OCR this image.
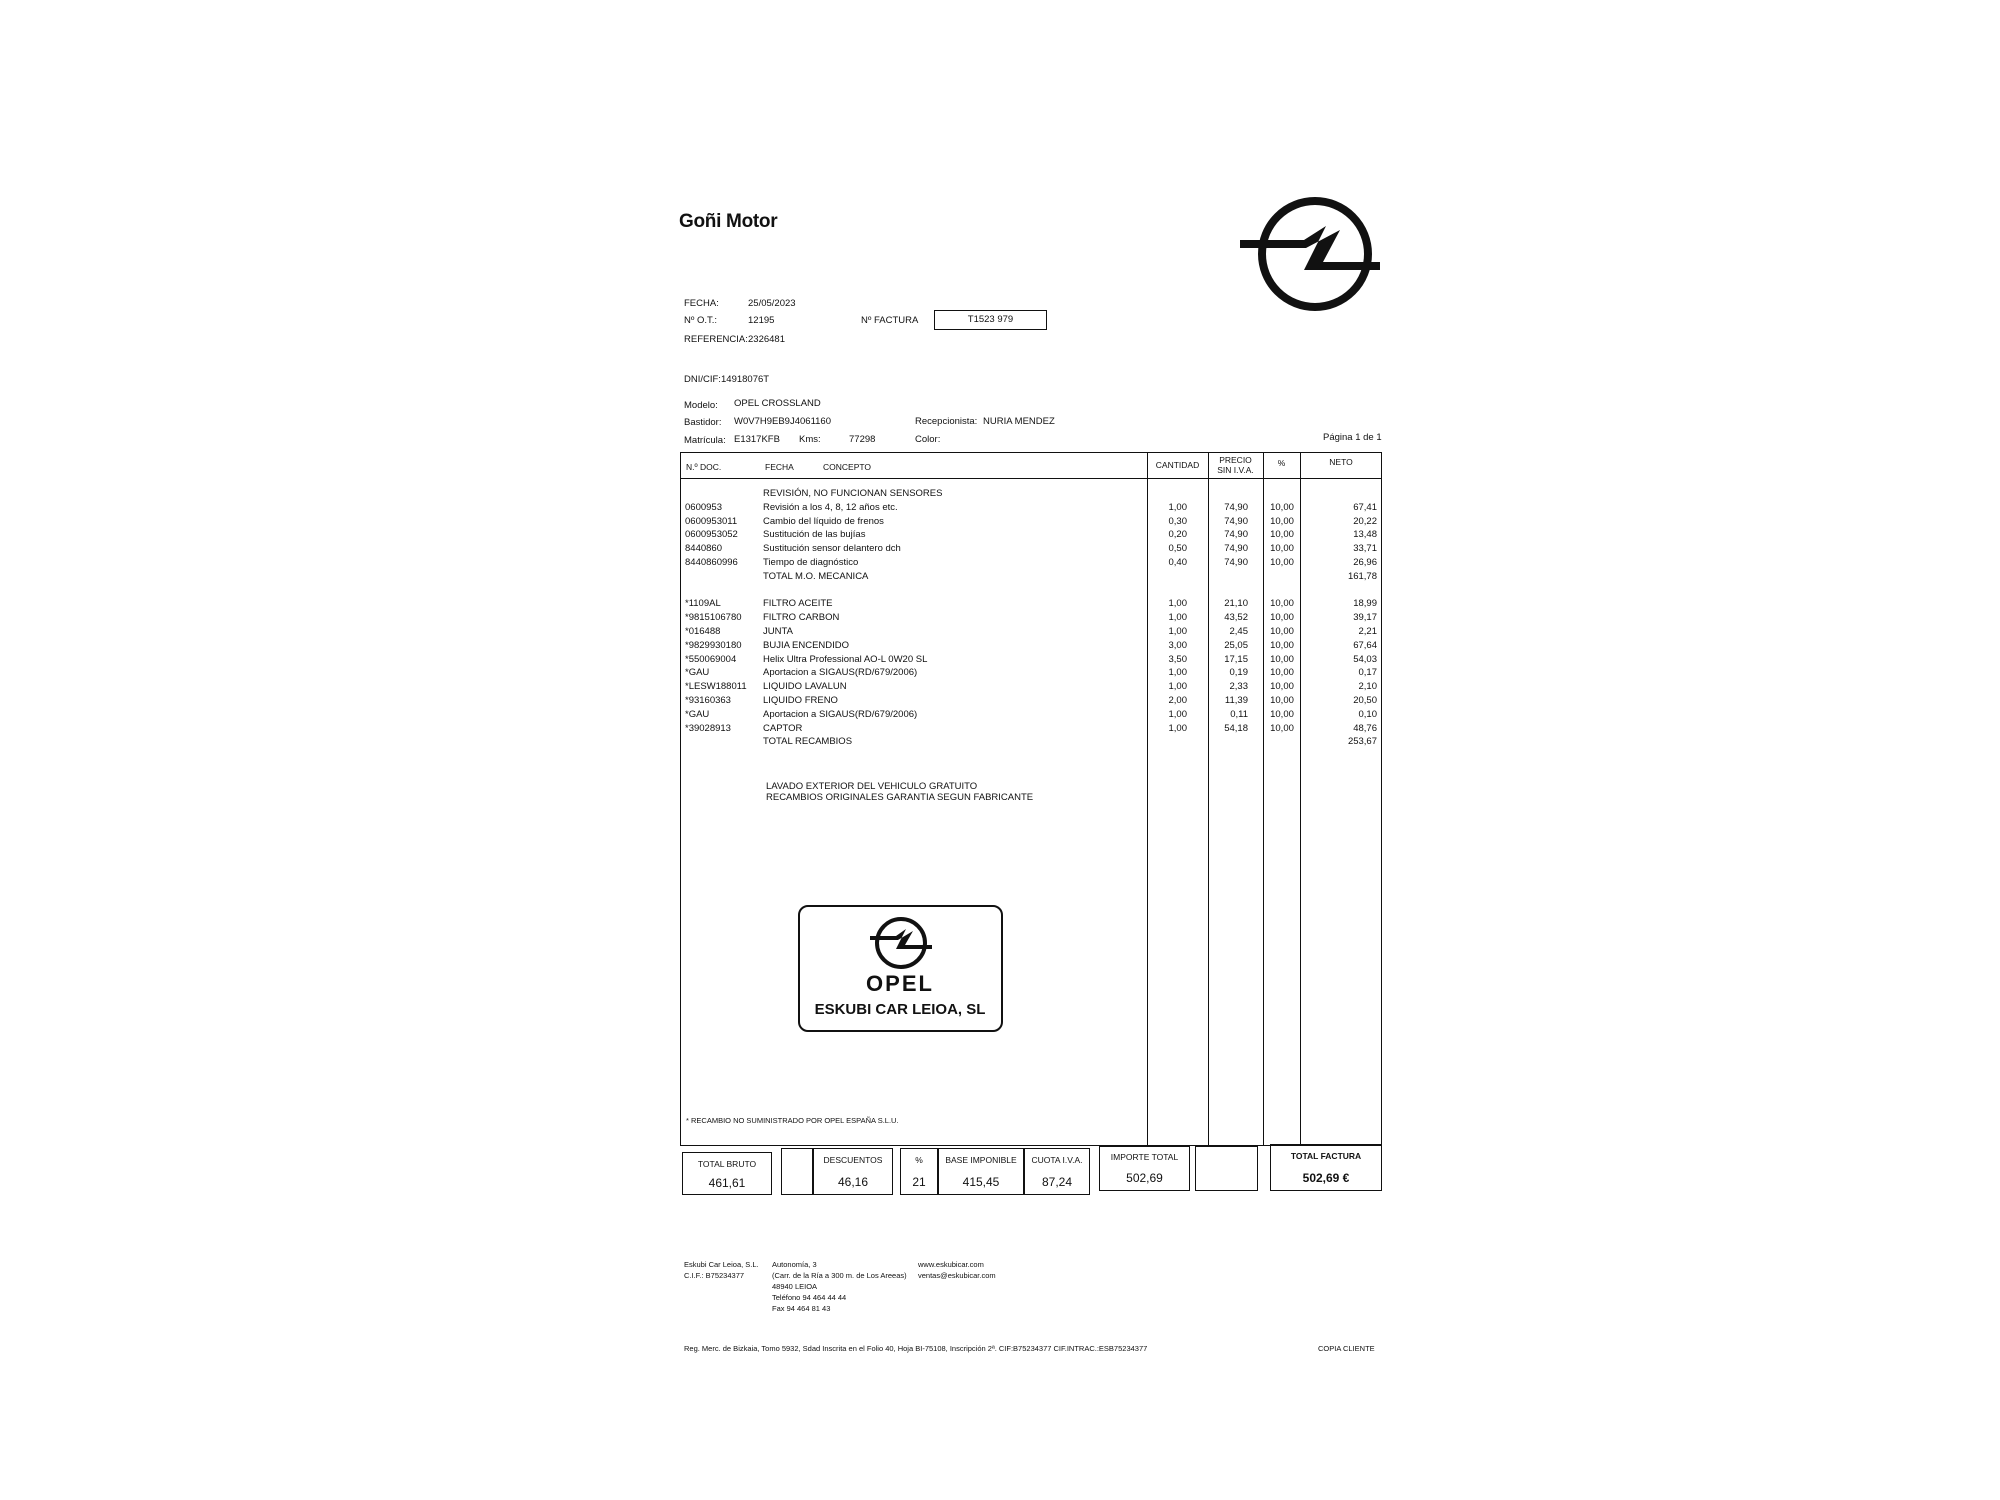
Goñi Motor
FECHA:	25/05/2023
Nº O.T.:	12195
REFERENCIA: 2326481
Nº FACTURA	T1523 979
DNI/CIF: 14918076T
Modelo: OPEL CROSSLAND
Bastidor: W0V7H9EB9J4061160
Matrícula: E1317KFB Kms:	77298
Recepcionista: NURIA MENDEZ
Color:	Página 1 de 1
N.º DOC.	FECHA	CONCEPTO	CANTIDAD	PRECIO
SIN I.V.A.
%	NETO
REVISIÓN, NO FUNCIONAN SENSORES
0600953	Revisión a los 4, 8, 12 años etc.	1,00	74,90	10,00	67,41
0600953011	Cambio del líquido de frenos	0,30	74,90	10,00	20,22
0600953052	Sustitución de las bujías	0,20	74,90	10,00	13,48
8440860	Sustitución sensor delantero dch	0,50	74,90	10,00	33,71
8440860996	Tiempo de diagnóstico	0,40	74,90	10,00	26,96
TOTAL M.O. MECANICA	161,78
*1109AL	FILTRO ACEITE	1,00	21,10	10,00	18,99
*9815106780 FILTRO CARBON	1,00	43,52	10,00	39,17
*016488	JUNTA	1,00	2,45	10,00	2,21
*9829930180 BUJIA ENCENDIDO	3,00	25,05	10,00	67,64
*550069004	Helix Ultra Professional AO-L 0W20 SL	3,50	17,15	10,00	54,03
*GAU	Aportacion a SIGAUS(RD/679/2006)	1,00	0,19	10,00	0,17
*LESW188011 LIQUIDO LAVALUN	1,00	2,33	10,00	2,10
*93160363	LIQUIDO FRENO	2,00	11,39	10,00	20,50
*GAU	Aportacion a SIGAUS(RD/679/2006)	1,00	0,11	10,00	0,10
*39028913	CAPTOR	1,00	54,18	10,00	48,76
TOTAL RECAMBIOS	253,67
LAVADO EXTERIOR DEL VEHICULO GRATUITO
RECAMBIOS ORIGINALES GARANTIA SEGUN FABRICANTE
OPEL
ESKUBI CAR LEIOA, SL
* RECAMBIO NO SUMINISTRADO POR OPEL ESPAÑA S.L.U.
TOTAL BRUTO
461,61
DESCUENTOS
46,16
%
21
BASE IMPONIBLE
415,45
CUOTA I.V.A.
87,24
IMPORTE TOTAL
502,69
TOTAL FACTURA
502,69 €
Eskubi Car Leioa, S.L.
C.I.F.: B75234377
Autonomía, 3
(Carr. de la Ría a 300 m. de Los Areeas)
48940 LEIOA
Teléfono 94 464 44 44
Fax 94 464 81 43
www.eskubicar.com
ventas@eskubicar.com
Reg. Merc. de Bizkaia, Tomo 5932, Sdad Inscrita en el Folio 40, Hoja BI-75108, Inscripción 2ª. CIF:B75234377 CIF.INTRAC.:ESB75234377	COPIA CLIENTE
